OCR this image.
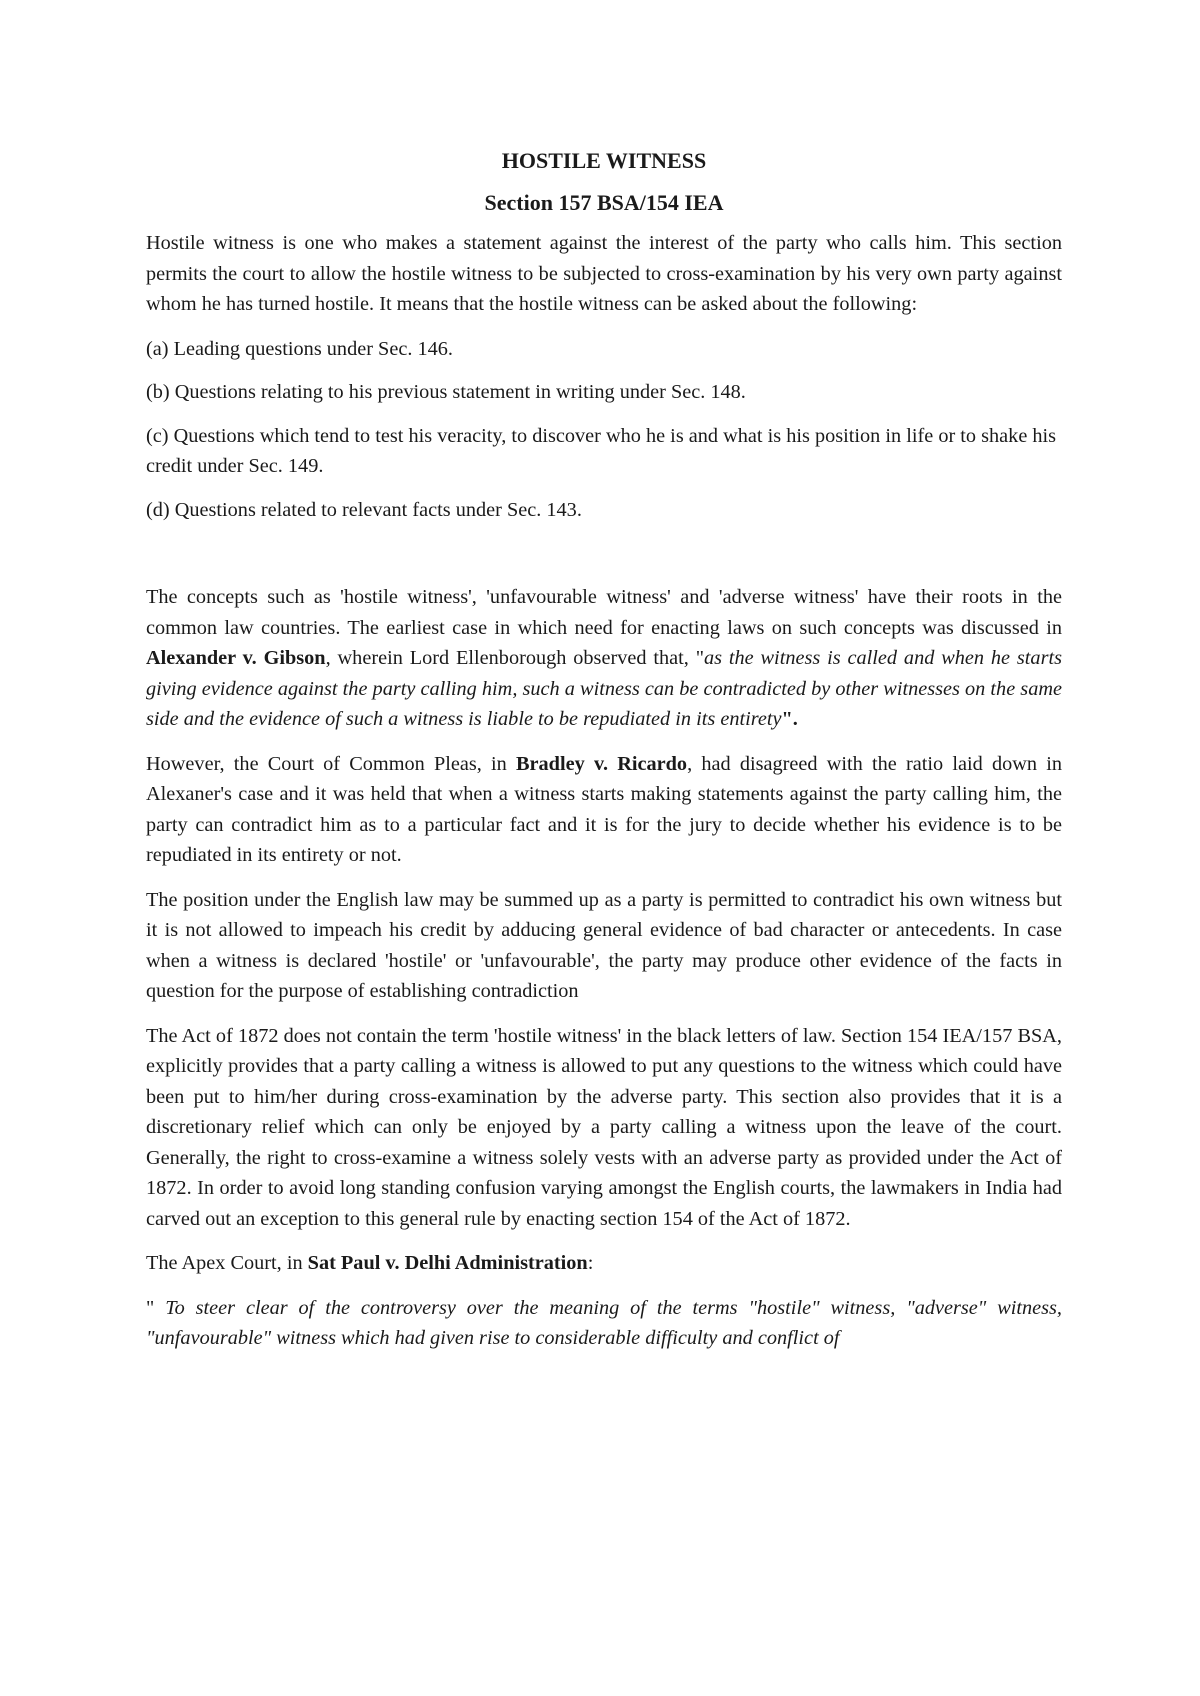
HOSTILE WITNESS
Section 157 BSA/154 IEA

Hostile witness is one who makes a statement against the interest of the party who calls him. This section permits the court to allow the hostile witness to be subjected to cross-examination by his very own party against whom he has turned hostile. It means that the hostile witness can be asked about the following:

(a) Leading questions under Sec. 146.

(b) Questions relating to his previous statement in writing under Sec. 148.

(c) Questions which tend to test his veracity, to discover who he is and what is his position in life or to shake his credit under Sec. 149.

(d) Questions related to relevant facts under Sec. 143.

The concepts such as 'hostile witness', 'unfavourable witness' and 'adverse witness' have their roots in the common law countries. The earliest case in which need for enacting laws on such concepts was discussed in Alexander v. Gibson, wherein Lord Ellenborough observed that, "as the witness is called and when he starts giving evidence against the party calling him, such a witness can be contradicted by other witnesses on the same side and the evidence of such a witness is liable to be repudiated in its entirety".

However, the Court of Common Pleas, in Bradley v. Ricardo, had disagreed with the ratio laid down in Alexaner's case and it was held that when a witness starts making statements against the party calling him, the party can contradict him as to a particular fact and it is for the jury to decide whether his evidence is to be repudiated in its entirety or not.

The position under the English law may be summed up as a party is permitted to contradict his own witness but it is not allowed to impeach his credit by adducing general evidence of bad character or antecedents. In case when a witness is declared 'hostile' or 'unfavourable', the party may produce other evidence of the facts in question for the purpose of establishing contradiction

The Act of 1872 does not contain the term 'hostile witness' in the black letters of law. Section 154 IEA/157 BSA, explicitly provides that a party calling a witness is allowed to put any questions to the witness which could have been put to him/her during cross-examination by the adverse party. This section also provides that it is a discretionary relief which can only be enjoyed by a party calling a witness upon the leave of the court. Generally, the right to cross-examine a witness solely vests with an adverse party as provided under the Act of 1872. In order to avoid long standing confusion varying amongst the English courts, the lawmakers in India had carved out an exception to this general rule by enacting section 154 of the Act of 1872.

The Apex Court, in Sat Paul v. Delhi Administration:

" To steer clear of the controversy over the meaning of the terms "hostile" witness, "adverse" witness, "unfavourable" witness which had given rise to considerable difficulty and conflict of
